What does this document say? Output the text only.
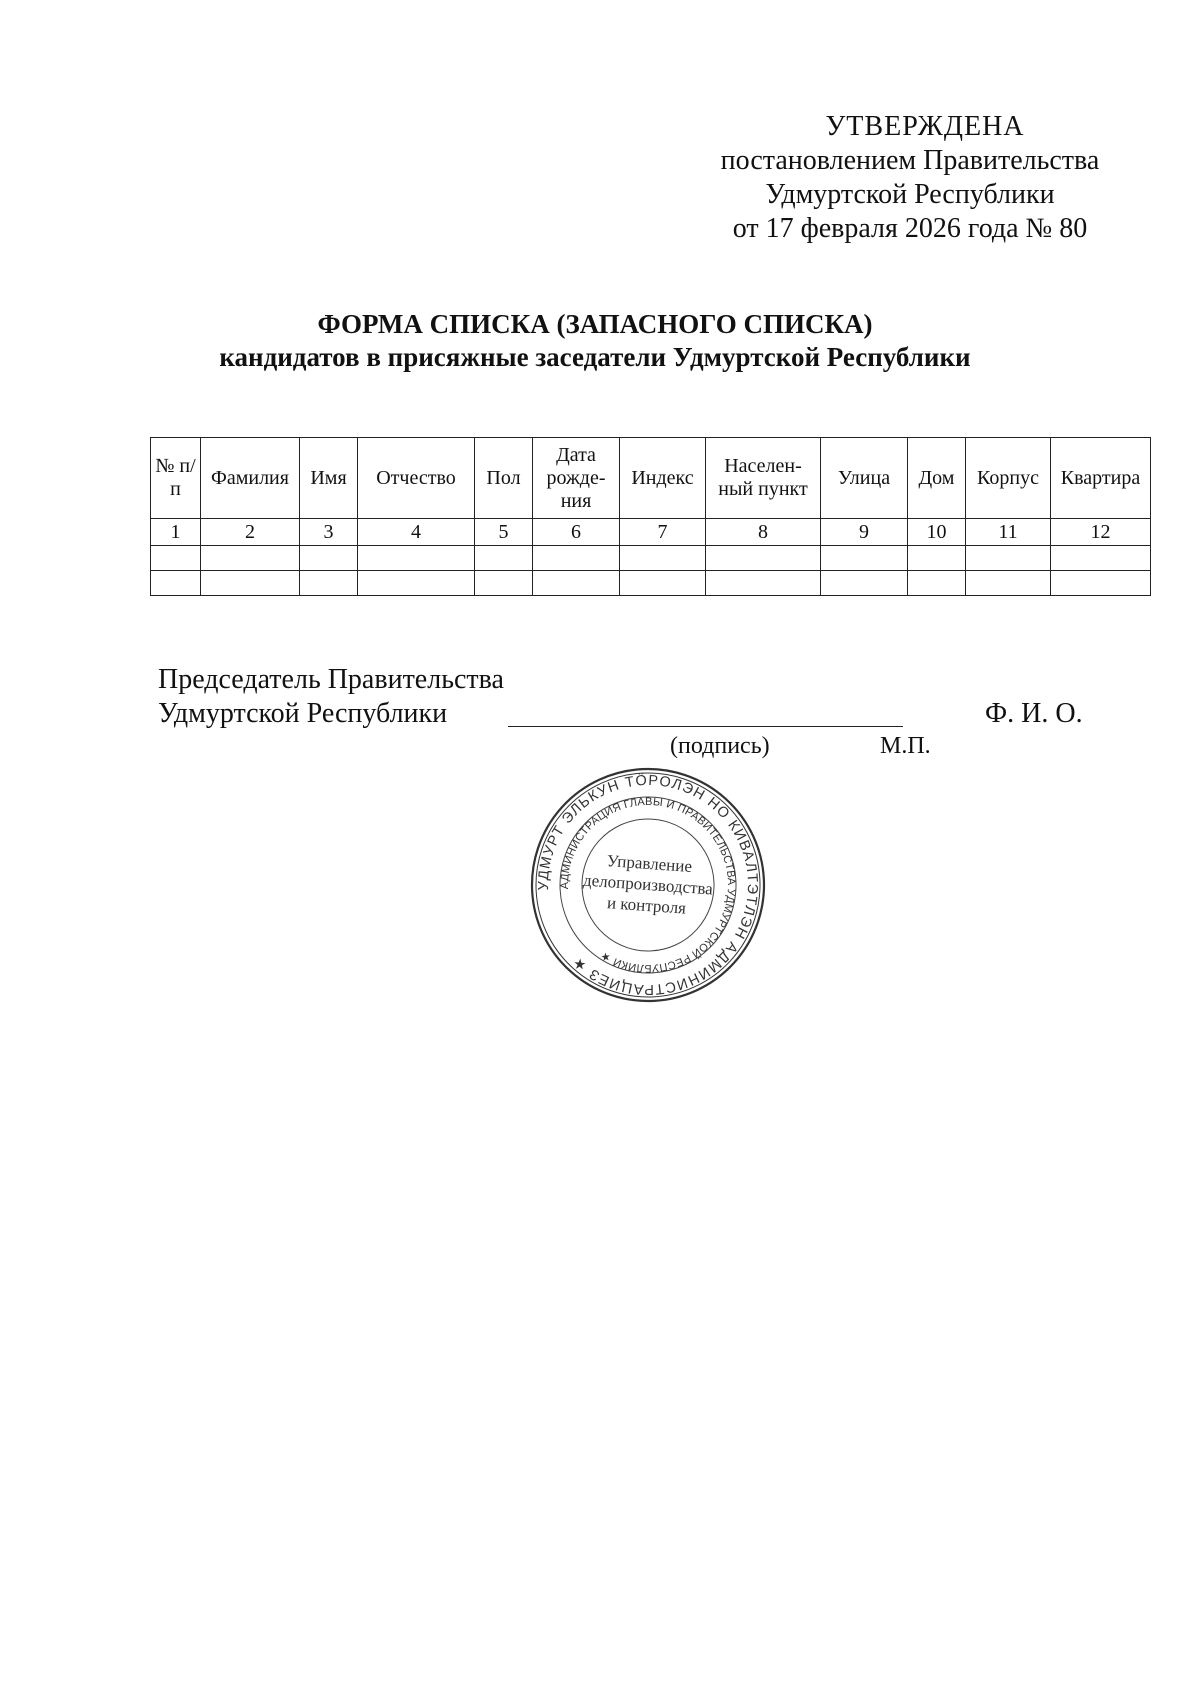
УТВЕРЖДЕНА
постановлением Правительства
Удмуртской Республики
от 17 февраля 2026 года № 80
ФОРМА СПИСКА (ЗАПАСНОГО СПИСКА)
кандидатов в присяжные заседатели Удмуртской Республики
№ п/п	Фамилия	Имя	Отчество	Пол	Дата рожде- ния	Индекс	Населен- ный пункт	Улица	Дом	Корпус	Квартира
1	2	3	4	5	6	7	8	9	10	11	12

Председатель Правительства
Удмуртской Республики	Ф. И. О.
(подпись)	М.П.
УДМУРТ ЭЛЬКУН ТӦРОЛЭН НО КИВАЛТЭТЛЭН АДМИНИСТРАЦИЕЗ ★
АДМИНИСТРАЦИЯ ГЛАВЫ И ПРАВИТЕЛЬСТВА УДМУРТСКОЙ РЕСПУБЛИКИ ★
Управление
делопроизводства
и контроля
